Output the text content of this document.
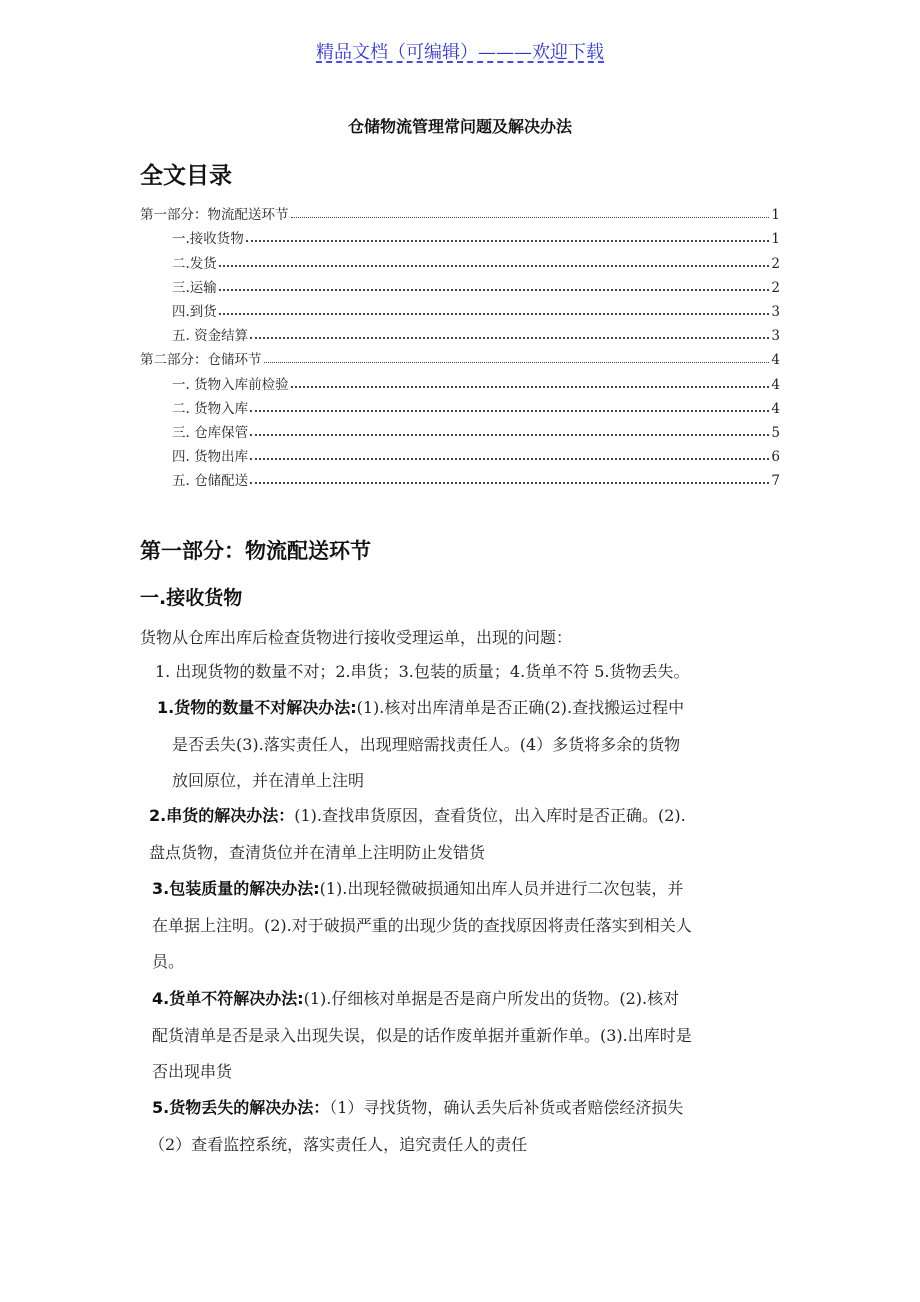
精品文档（可编辑）———欢迎下载
仓储物流管理常问题及解决办法
全文目录
第一部分：物流配送环节	1
一.接收货物	1
二.发货	2
三.运输	2
四.到货	3
五. 资金结算	3
第二部分：仓储环节	4
一. 货物入库前检验	4
二. 货物入库	4
三. 仓库保管	5
四. 货物出库	6
五. 仓储配送	7
第一部分：物流配送环节
一.接收货物
货物从仓库出库后检查货物进行接收受理运单，出现的问题：
1. 出现货物的数量不对；2.串货；3.包装的质量；4.货单不符 5.货物丢失。
1.货物的数量不对解决办法:(1).核对出库清单是否正确(2).查找搬运过程中
是否丢失(3).落实责任人，出现理赔需找责任人。(4）多货将多余的货物
放回原位，并在清单上注明
2.串货的解决办法：(1).查找串货原因，查看货位，出入库时是否正确。(2).
盘点货物，查清货位并在清单上注明防止发错货
3.包装质量的解决办法:(1).出现轻微破损通知出库人员并进行二次包装，并
在单据上注明。(2).对于破损严重的出现少货的查找原因将责任落实到相关人
员。
4.货单不符解决办法:(1).仔细核对单据是否是商户所发出的货物。(2).核对
配货清单是否是录入出现失误，似是的话作废单据并重新作单。(3).出库时是
否出现串货
5.货物丢失的解决办法：（1）寻找货物，确认丢失后补货或者赔偿经济损失
（2）查看监控系统，落实责任人，追究责任人的责任
